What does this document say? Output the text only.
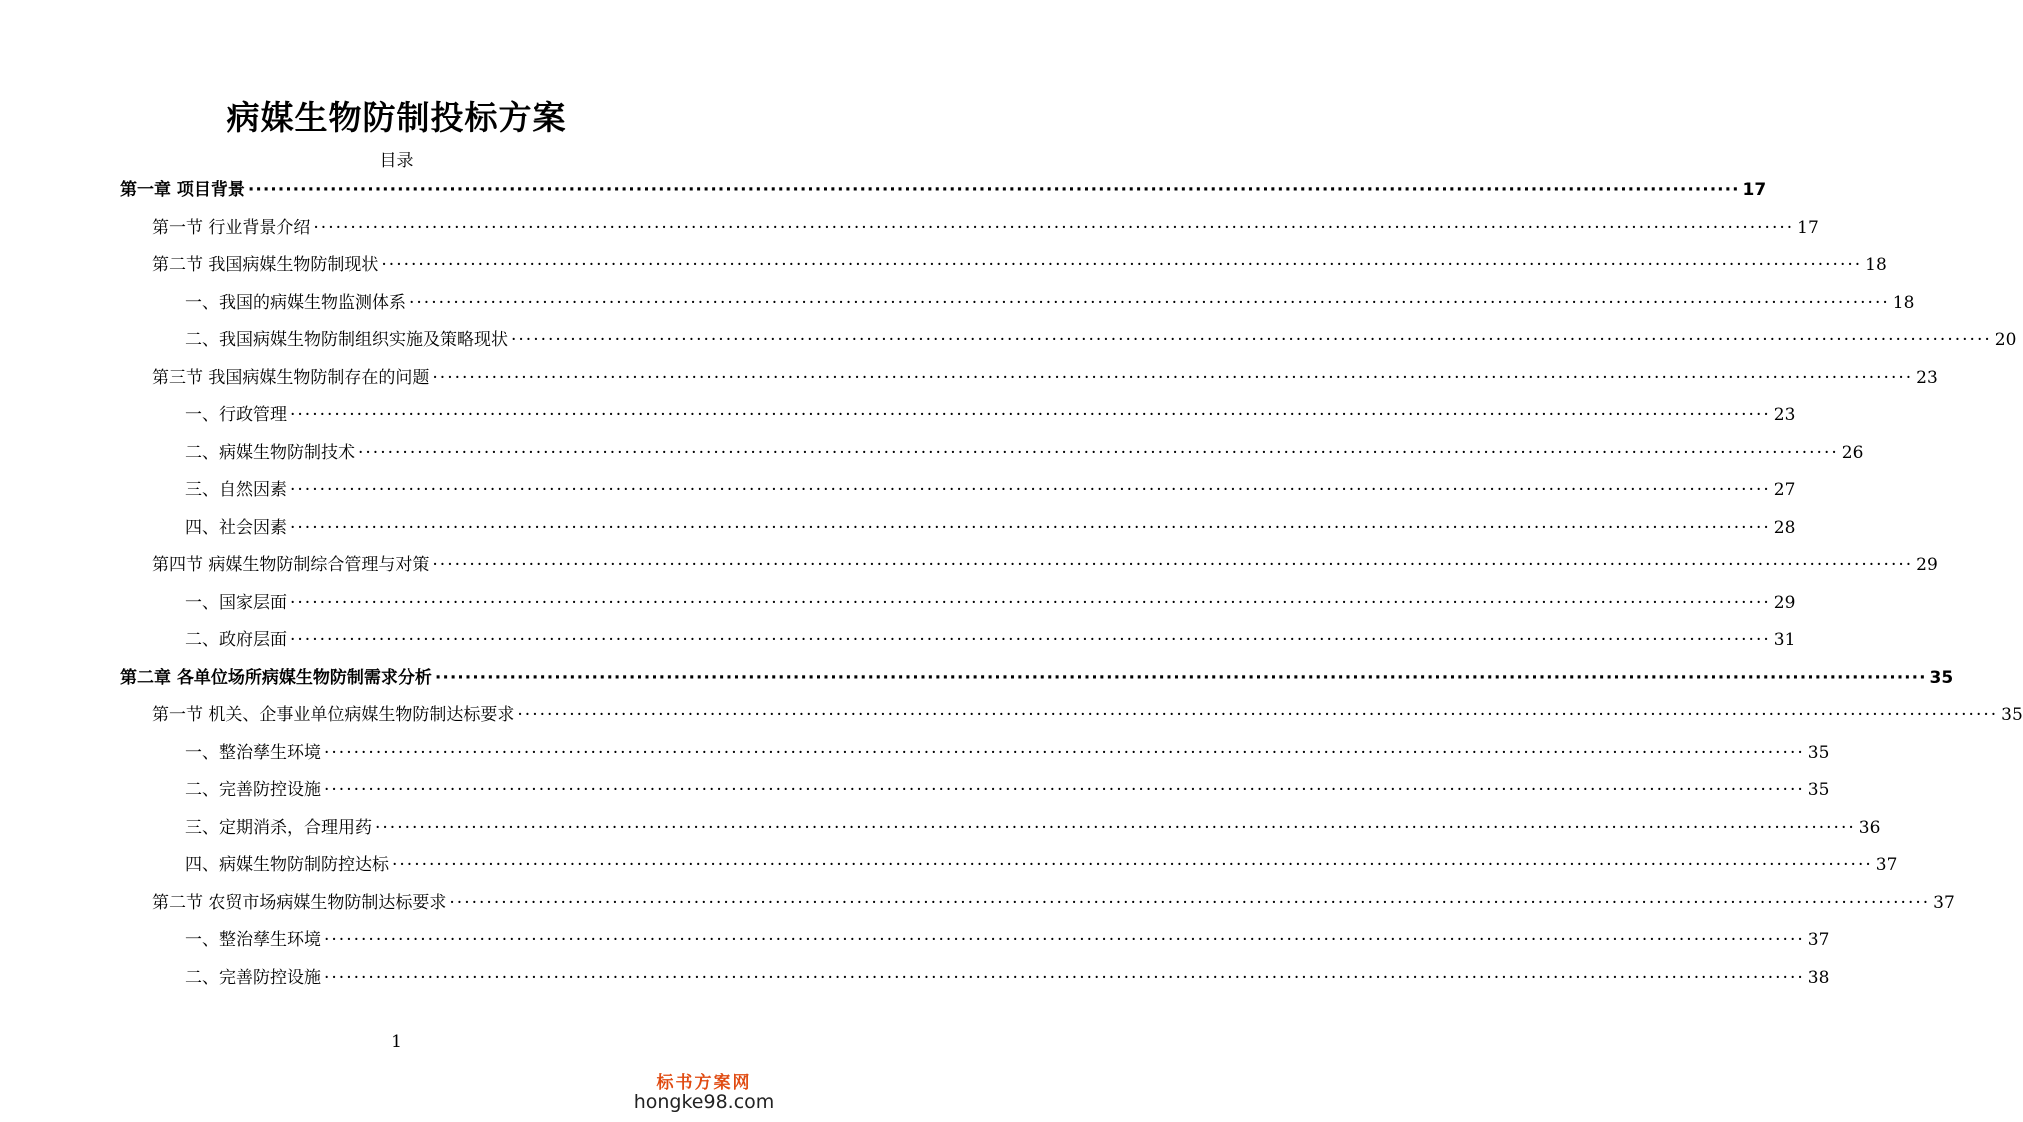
病媒生物防制投标方案
目录
第一章 项目背景 ········································································································································································································ 17
第一节 行业背景介绍 ········································································································································································································ 17
第二节 我国病媒生物防制现状 ········································································································································································································ 18
一、我国的病媒生物监测体系 ········································································································································································································ 18
二、我国病媒生物防制组织实施及策略现状 ········································································································································································································ 20
第三节 我国病媒生物防制存在的问题 ········································································································································································································ 23
一、行政管理 ········································································································································································································ 23
二、病媒生物防制技术 ········································································································································································································ 26
三、自然因素 ········································································································································································································ 27
四、社会因素 ········································································································································································································ 28
第四节 病媒生物防制综合管理与对策 ········································································································································································································ 29
一、国家层面 ········································································································································································································ 29
二、政府层面 ········································································································································································································ 31
第二章 各单位场所病媒生物防制需求分析 ········································································································································································································ 35
第一节 机关、企事业单位病媒生物防制达标要求 ········································································································································································································ 35
一、整治孳生环境 ········································································································································································································ 35
二、完善防控设施 ········································································································································································································ 35
三、定期消杀，合理用药 ········································································································································································································ 36
四、病媒生物防制防控达标 ········································································································································································································ 37
第二节 农贸市场病媒生物防制达标要求 ········································································································································································································ 37
一、整治孳生环境 ········································································································································································································ 37
二、完善防控设施 ········································································································································································································ 38
1
标书方案网
hongke98.com
